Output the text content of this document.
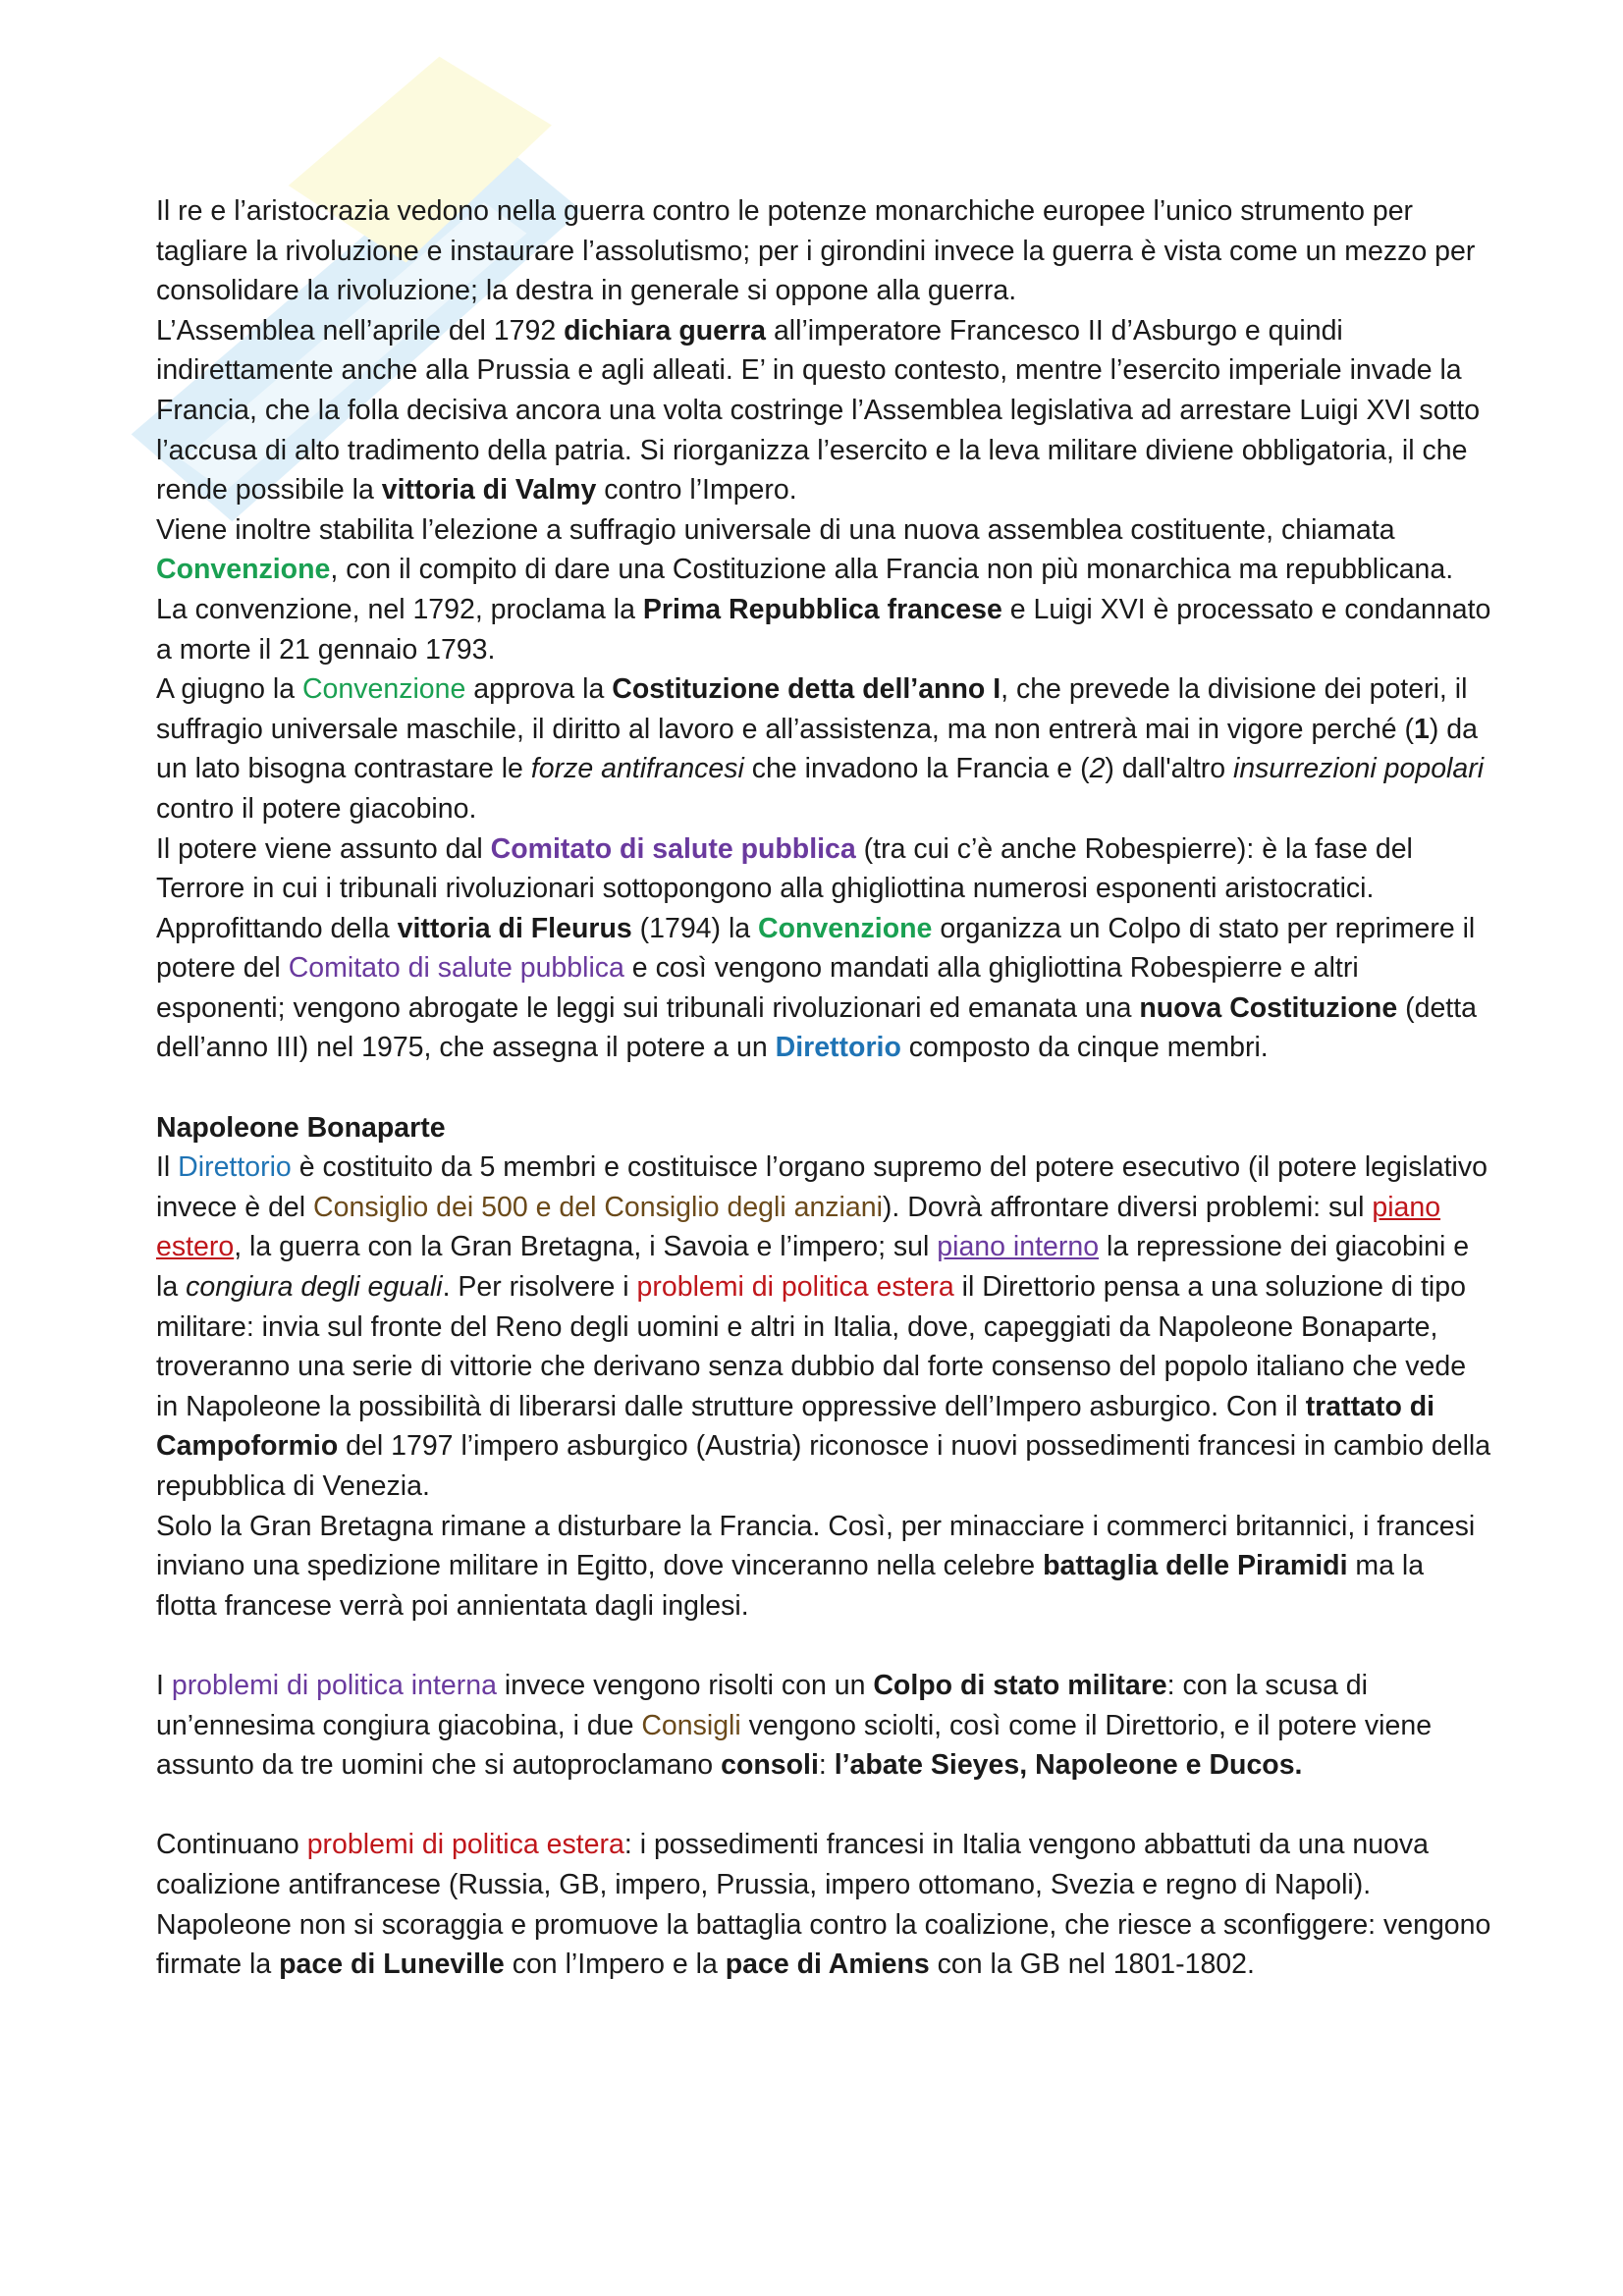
Il re e l’aristocrazia vedono nella guerra contro le potenze monarchiche europee l’unico strumento per tagliare la rivoluzione e instaurare l’assolutismo; per i girondini invece la guerra è vista come un mezzo per consolidare la rivoluzione; la destra in generale si oppone alla guerra.

L’Assemblea nell’aprile del 1792 dichiara guerra all’imperatore Francesco II d’Asburgo e quindi indirettamente anche alla Prussia e agli alleati. E’ in questo contesto, mentre l’esercito imperiale invade la Francia, che la folla decisiva ancora una volta costringe l’Assemblea legislativa ad arrestare Luigi XVI sotto l’accusa di alto tradimento della patria. Si riorganizza l’esercito e la leva militare diviene obbligatoria, il che rende possibile la vittoria di Valmy contro l’Impero.

Viene inoltre stabilita l’elezione a suffragio universale di una nuova assemblea costituente, chiamata Convenzione, con il compito di dare una Costituzione alla Francia non più monarchica ma repubblicana. La convenzione, nel 1792, proclama la Prima Repubblica francese e Luigi XVI è processato e condannato a morte il 21 gennaio 1793.

A giugno la Convenzione approva la Costituzione detta dell’anno I, che prevede la divisione dei poteri, il suffragio universale maschile, il diritto al lavoro e all’assistenza, ma non entrerà mai in vigore perché (1) da un lato bisogna contrastare le forze antifrancesi che invadono la Francia e (2) dall'altro insurrezioni popolari contro il potere giacobino.

Il potere viene assunto dal Comitato di salute pubblica (tra cui c’è anche Robespierre): è la fase del Terrore in cui i tribunali rivoluzionari sottopongono alla ghigliottina numerosi esponenti aristocratici.

Approfittando della vittoria di Fleurus (1794) la Convenzione organizza un Colpo di stato per reprimere il potere del Comitato di salute pubblica e così vengono mandati alla ghigliottina Robespierre e altri esponenti; vengono abrogate le leggi sui tribunali rivoluzionari ed emanata una nuova Costituzione (detta dell’anno III) nel 1975, che assegna il potere a un Direttorio composto da cinque membri.

Napoleone Bonaparte

Il Direttorio è costituito da 5 membri e costituisce l’organo supremo del potere esecutivo (il potere legislativo invece è del Consiglio dei 500 e del Consiglio degli anziani). Dovrà affrontare diversi problemi: sul piano estero, la guerra con la Gran Bretagna, i Savoia e l’impero; sul piano interno la repressione dei giacobini e la congiura degli eguali. Per risolvere i problemi di politica estera il Direttorio pensa a una soluzione di tipo militare: invia sul fronte del Reno degli uomini e altri in Italia, dove, capeggiati da Napoleone Bonaparte, troveranno una serie di vittorie che derivano senza dubbio dal forte consenso del popolo italiano che vede in Napoleone la possibilità di liberarsi dalle strutture oppressive dell’Impero asburgico. Con il trattato di Campoformio del 1797 l’impero asburgico (Austria) riconosce i nuovi possedimenti francesi in cambio della repubblica di Venezia.

Solo la Gran Bretagna rimane a disturbare la Francia. Così, per minacciare i commerci britannici, i francesi inviano una spedizione militare in Egitto, dove vinceranno nella celebre battaglia delle Piramidi ma la flotta francese verrà poi annientata dagli inglesi.

I problemi di politica interna invece vengono risolti con un Colpo di stato militare: con la scusa di un’ennesima congiura giacobina, i due Consigli vengono sciolti, così come il Direttorio, e il potere viene assunto da tre uomini che si autoproclamano consoli: l’abate Sieyes, Napoleone e Ducos.

Continuano problemi di politica estera: i possedimenti francesi in Italia vengono abbattuti da una nuova coalizione antifrancese (Russia, GB, impero, Prussia, impero ottomano, Svezia e regno di Napoli). Napoleone non si scoraggia e promuove la battaglia contro la coalizione, che riesce a sconfiggere: vengono firmate la pace di Luneville con l’Impero e la pace di Amiens con la GB nel 1801-1802.
